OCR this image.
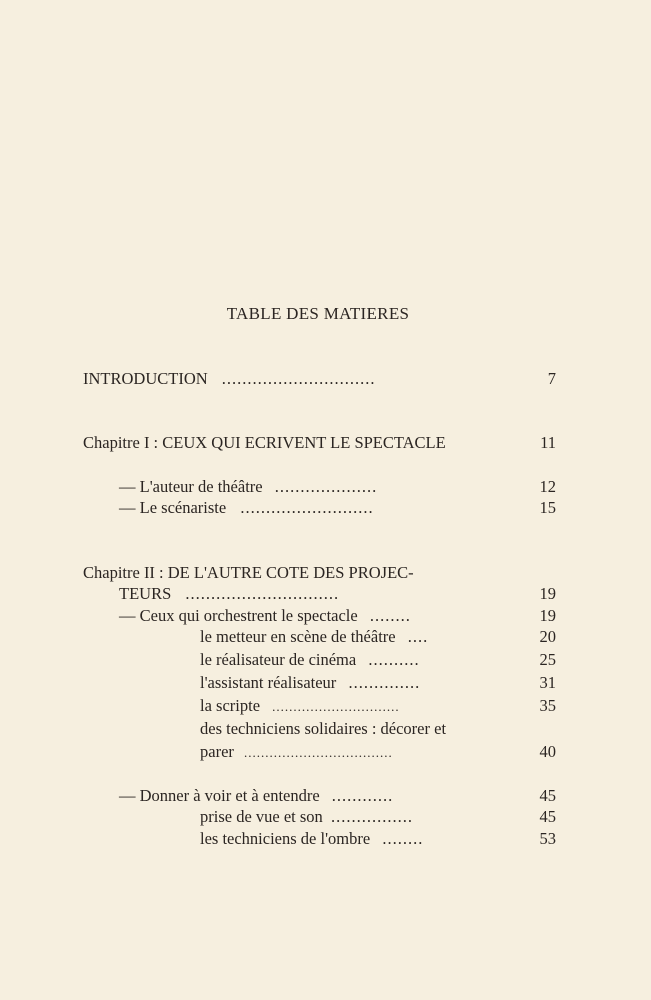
TABLE DES MATIERES
INTRODUCTION ..............................	7
Chapitre I : CEUX QUI ECRIVENT LE SPECTACLE	11
— L'auteur de théâtre ....................	12
— Le scénariste ..........................	15
Chapitre II : DE L'AUTRE COTE DES PROJEC-
TEURS ..............................	19
— Ceux qui orchestrent le spectacle ........	19
le metteur en scène de théâtre ....	20
le réalisateur de cinéma ..........	25
l'assistant réalisateur ..............	31
la scripte ..............................	35
des techniciens solidaires : décorer et
parer ...................................	40
— Donner à voir et à entendre ............	45
prise de vue et son ................	45
les techniciens de l'ombre ........	53
